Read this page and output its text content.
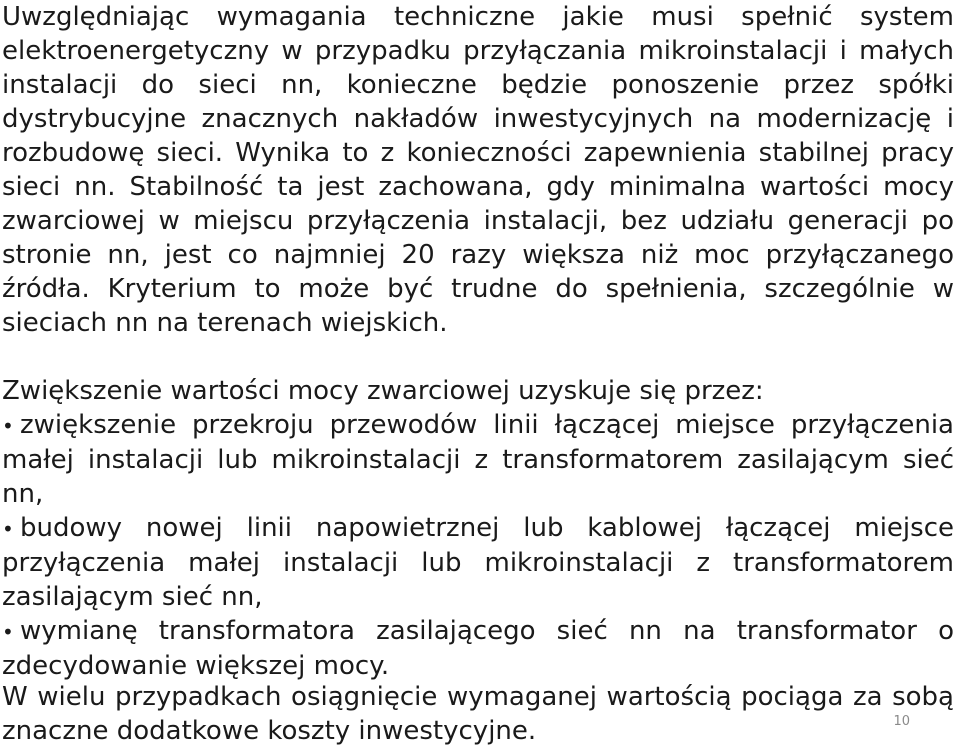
Uwzględniając wymagania techniczne jakie musi spełnić system elektroenergetyczny w przypadku przyłączania mikroinstalacji i małych instalacji do sieci nn, konieczne będzie ponoszenie przez spółki dystrybucyjne znacznych nakładów inwestycyjnych na modernizację i rozbudowę sieci. Wynika to z konieczności zapewnienia stabilnej pracy sieci nn. Stabilność ta jest zachowana, gdy minimalna wartości mocy zwarciowej w miejscu przyłączenia instalacji, bez udziału generacji po stronie nn, jest co najmniej 20 razy większa niż moc przyłączanego źródła. Kryterium to może być trudne do spełnienia, szczególnie w sieciach nn na terenach wiejskich.

Zwiększenie wartości mocy zwarciowej uzyskuje się przez:

• zwiększenie przekroju przewodów linii łączącej miejsce przyłączenia małej instalacji lub mikroinstalacji z transformatorem zasilającym sieć nn,
• budowy nowej linii napowietrznej lub kablowej łączącej miejsce przyłączenia małej instalacji lub mikroinstalacji z transformatorem zasilającym sieć nn,
• wymianę transformatora zasilającego sieć nn na transformator o zdecydowanie większej mocy.

W wielu przypadkach osiągnięcie wymaganej wartością pociąga za sobą znaczne dodatkowe koszty inwestycyjne.	10
